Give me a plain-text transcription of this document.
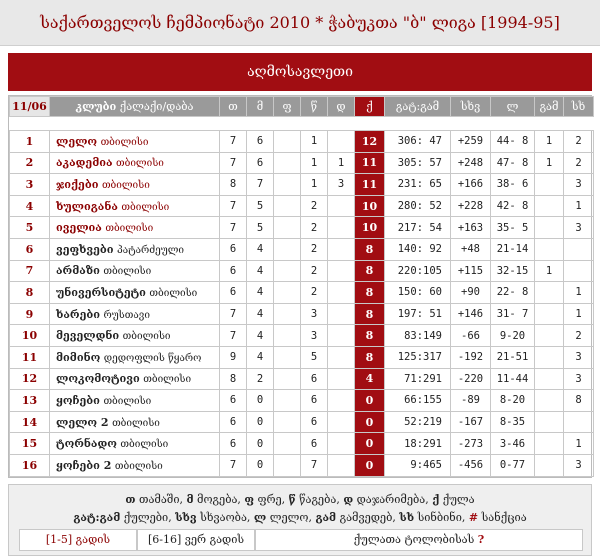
საქართველოს ჩემპიონატი 2010 * ჭაბუკთა "ბ" ლიგა [1994-95]
აღმოსავლეთი
11/06	კლუბი ქალაქი/დაბა	თ	მ	ფ	წ	დ	ქ	გატ:გამ	სხვ	ლ	გამ	სხ

1	ლელო თბილისი	7	6		1		12	306: 47	+259	44- 8	1	2
2	აკადემია თბილისი	7	6		1	1	11	305: 57	+248	47- 8	1	2
3	ჯიქები თბილისი	8	7		1	3	11	231: 65	+166	38- 6		3
4	ხულიგანა თბილისი	7	5		2		10	280: 52	+228	42- 8		1
5	იველია თბილისი	7	5		2		10	217: 54	+163	35- 5		3
6	ვეფხვები პატარძეული	6	4		2		8	140: 92	+48	21-14		
7	არმაზი თბილისი	6	4		2		8	220:105	+115	32-15	1	
8	უნივერსიტეტი თბილისი	6	4		2		8	150: 60	+90	22- 8		1
9	ხარები რუსთავი	7	4		3		8	197: 51	+146	31- 7		1
10	მეველდნი თბილისი	7	4		3		8	83:149	-66	9-20		2
11	მიმინო დედოფლის წყარო	9	4		5		8	125:317	-192	21-51		3
12	ლოკომოტივი თბილისი	8	2		6		4	71:291	-220	11-44		3
13	ყოჩები თბილისი	6	0		6		0	66:155	-89	8-20		8
14	ლელო 2 თბილისი	6	0		6		0	52:219	-167	8-35		
15	ტორნადო თბილისი	6	0		6		0	18:291	-273	3-46		1
16	ყოჩები 2 თბილისი	7	0		7		0	9:465	-456	0-77		3
თ თამაში, მ მოგება, ფ ფრე, წ წაგება, დ დაჯარიმება, ქ ქულა
გატ:გამ ქულები, სხვ სხვაობა, ლ ლელო, გამ გამვედებ, სხ სინბინი, # სანქცია
[1-5] გადის	[6-16] ვერ გადის	ქულათა ტოლობისას ?
